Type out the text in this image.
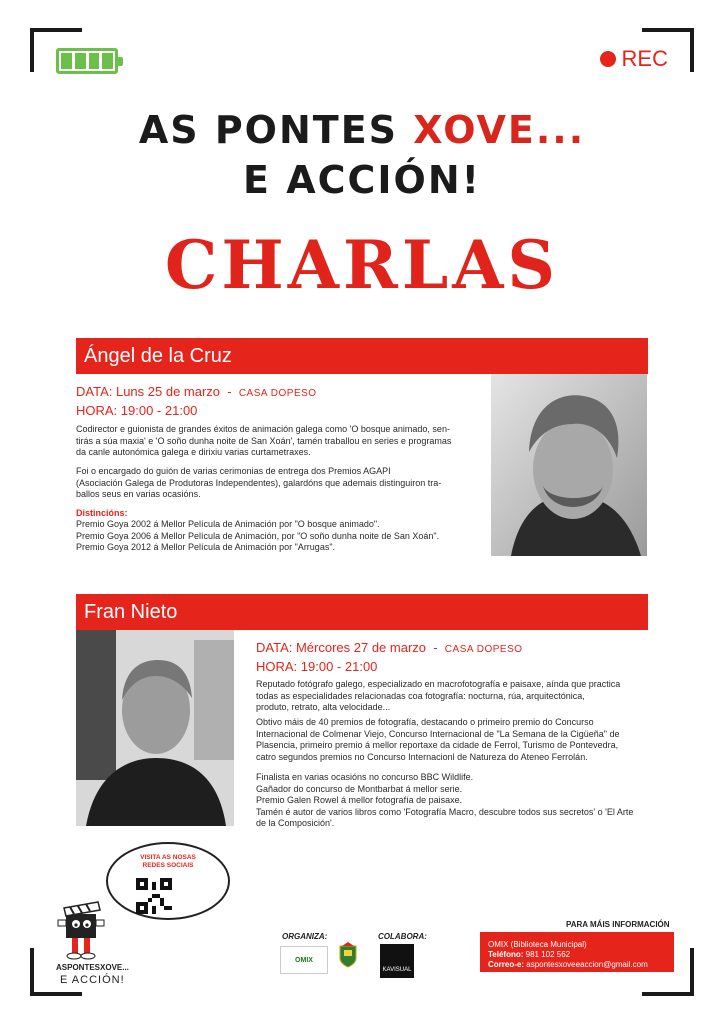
REC
AS PONTES XOVE...
E ACCIÓN!
CHARLAS
Ángel de la Cruz
DATA: Luns 25 de marzo  -  CASA DOPESO
HORA: 19:00 - 21:00
Codirector e guionista de grandes éxitos de animación galega como 'O bosque animado, sen-
tirás a súa maxia' e 'O soño dunha noite de San Xoán', tamén traballou en series e programas
da canle autonómica galega e dirixiu varias curtametraxes.
Foi o encargado do guión de varias cerimonias de entrega dos Premios AGAPI
(Asociación Galega de Produtoras Independentes), galardóns que ademais distinguiron tra-
ballos seus en varias ocasións.
Distincións:
Premio Goya 2002 á Mellor Película de Animación por "O bosque animado".
Premio Goya 2006 á Mellor Película de Animación, por "O soño dunha noite de San Xoán".
Premio Goya 2012 á Mellor Película de Animación por "Arrugas".
Fran Nieto
DATA: Mércores 27 de marzo  -  CASA DOPESO
HORA: 19:00 - 21:00
Reputado fotógrafo galego, especializado en macrofotografía e paisaxe, aínda que practica
todas as especialidades relacionadas coa fotografía: nocturna, rúa, arquitectónica,
produto, retrato, alta velocidade...
Obtivo máis de 40 premios de fotografía, destacando o primeiro premio do Concurso
Internacional de Colmenar Viejo, Concurso Internacional de "La Semana de la Cigüeña" de
Plasencia, primeiro premio á mellor reportaxe da cidade de Ferrol, Turismo de Pontevedra,
catro segundos premios no Concurso Internacionl de Natureza do Ateneo Ferrolán.
Finalista en varias ocasións no concurso BBC Wildlife.
Gañador do concurso de Montbarbat á mellor serie.
Premio Galen Rowel á mellor fotografía de paisaxe.
Tamén é autor de varios libros como 'Fotografía Macro, descubre todos sus secretos' o 'El Arte
de la Composición'.
VISITA AS NOSAS
REDES SOCIAIS
ASPONTESXOVE...
E ACCIÓN!
ORGANIZA:
OMIX
COLABORA:
KAVISUAL
PARA MÁIS INFORMACIÓN
OMIX (Biblioteca Municipal)
Teléfono: 981 102 562
Correo-e: aspontesxoveeaccion@gmail.com
